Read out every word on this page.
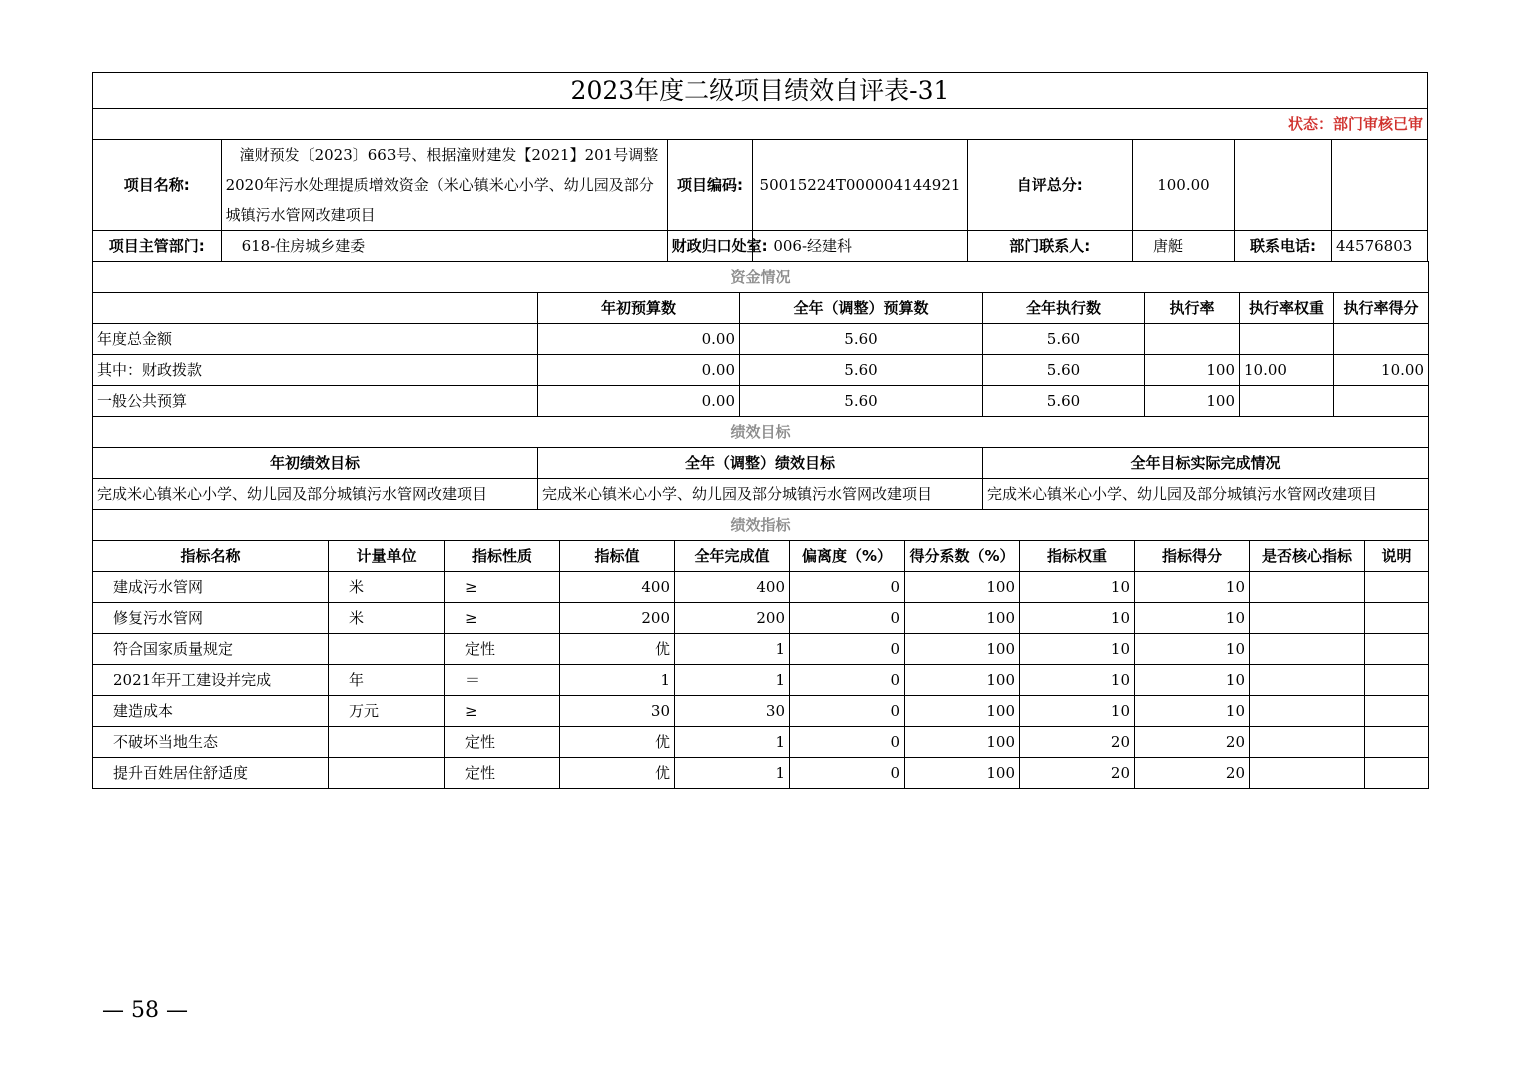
2023年度二级项目绩效自评表-31							
状态：部门审核已审							
项目名称:	潼财预发〔2023〕663号、根据潼财建发【2021】201号调整2020年污水处理提质增效资金（米心镇米心小学、幼儿园及部分城镇污水管网改建项目	项目编码:	50015224T000004144921	自评总分:	100.00		
项目主管部门:	618-住房城乡建委	财政归口处室:	006-经建科	部门联系人:	唐艇	联系电话:	44576803
资金情况						
	年初预算数	全年（调整）预算数	全年执行数	执行率	执行率权重	执行率得分
年度总金额	0.00	5.60	5.60			
其中：财政拨款	0.00	5.60	5.60	100	10.00	10.00
一般公共预算	0.00	5.60	5.60	100		
绩效目标		
年初绩效目标	全年（调整）绩效目标	全年目标实际完成情况
完成米心镇米心小学、幼儿园及部分城镇污水管网改建项目	完成米心镇米心小学、幼儿园及部分城镇污水管网改建项目	完成米心镇米心小学、幼儿园及部分城镇污水管网改建项目
绩效指标										
指标名称	计量单位	指标性质	指标值	全年完成值	偏离度（%）	得分系数（%）	指标权重	指标得分	是否核心指标	说明
建成污水管网	米	≥	400	400	0	100	10	10		
修复污水管网	米	≥	200	200	0	100	10	10		
符合国家质量规定		定性	优	1	0	100	10	10		
2021年开工建设并完成	年	＝	1	1	0	100	10	10		
建造成本	万元	≥	30	30	0	100	10	10		
不破坏当地生态		定性	优	1	0	100	20	20		
提升百姓居住舒适度		定性	优	1	0	100	20	20		
— 58 —
